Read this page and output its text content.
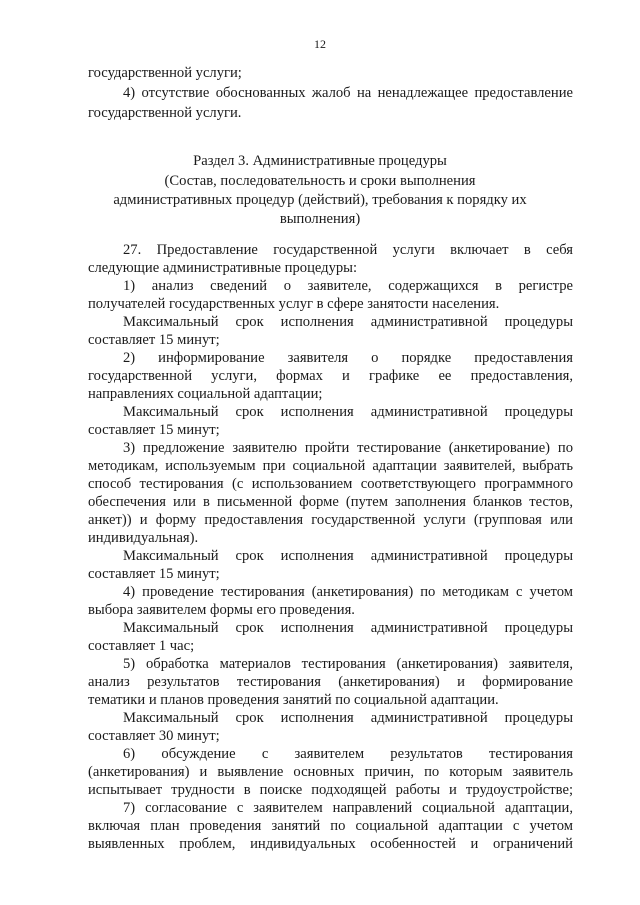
12
государственной услуги;
4) отсутствие обоснованных жалоб на ненадлежащее предоставление
государственной услуги.
Раздел 3. Административные процедуры
(Состав, последовательность и сроки выполнения
административных процедур (действий), требования к порядку их
выполнения)
27. Предоставление государственной услуги включает в себя
следующие административные процедуры:
1) анализ сведений о заявителе, содержащихся в регистре
получателей государственных услуг в сфере занятости населения.
Максимальный срок исполнения административной процедуры
составляет 15 минут;
2) информирование заявителя о порядке предоставления
государственной услуги, формах и графике ее предоставления,
направлениях социальной адаптации;
Максимальный срок исполнения административной процедуры
составляет 15 минут;
3) предложение заявителю пройти тестирование (анкетирование) по
методикам, используемым при социальной адаптации заявителей, выбрать
способ тестирования (с использованием соответствующего программного
обеспечения или в письменной форме (путем заполнения бланков тестов,
анкет)) и форму предоставления государственной услуги (групповая или
индивидуальная).
Максимальный срок исполнения административной процедуры
составляет 15 минут;
4) проведение тестирования (анкетирования) по методикам с учетом
выбора заявителем формы его проведения.
Максимальный срок исполнения административной процедуры
составляет 1 час;
5) обработка материалов тестирования (анкетирования) заявителя,
анализ результатов тестирования (анкетирования) и формирование
тематики и планов проведения занятий по социальной адаптации.
Максимальный срок исполнения административной процедуры
составляет 30 минут;
6) обсуждение с заявителем результатов тестирования
(анкетирования) и выявление основных причин, по которым заявитель
испытывает трудности в поиске подходящей работы и трудоустройстве;
7) согласование с заявителем направлений социальной адаптации,
включая план проведения занятий по социальной адаптации с учетом
выявленных проблем, индивидуальных особенностей и ограничений
